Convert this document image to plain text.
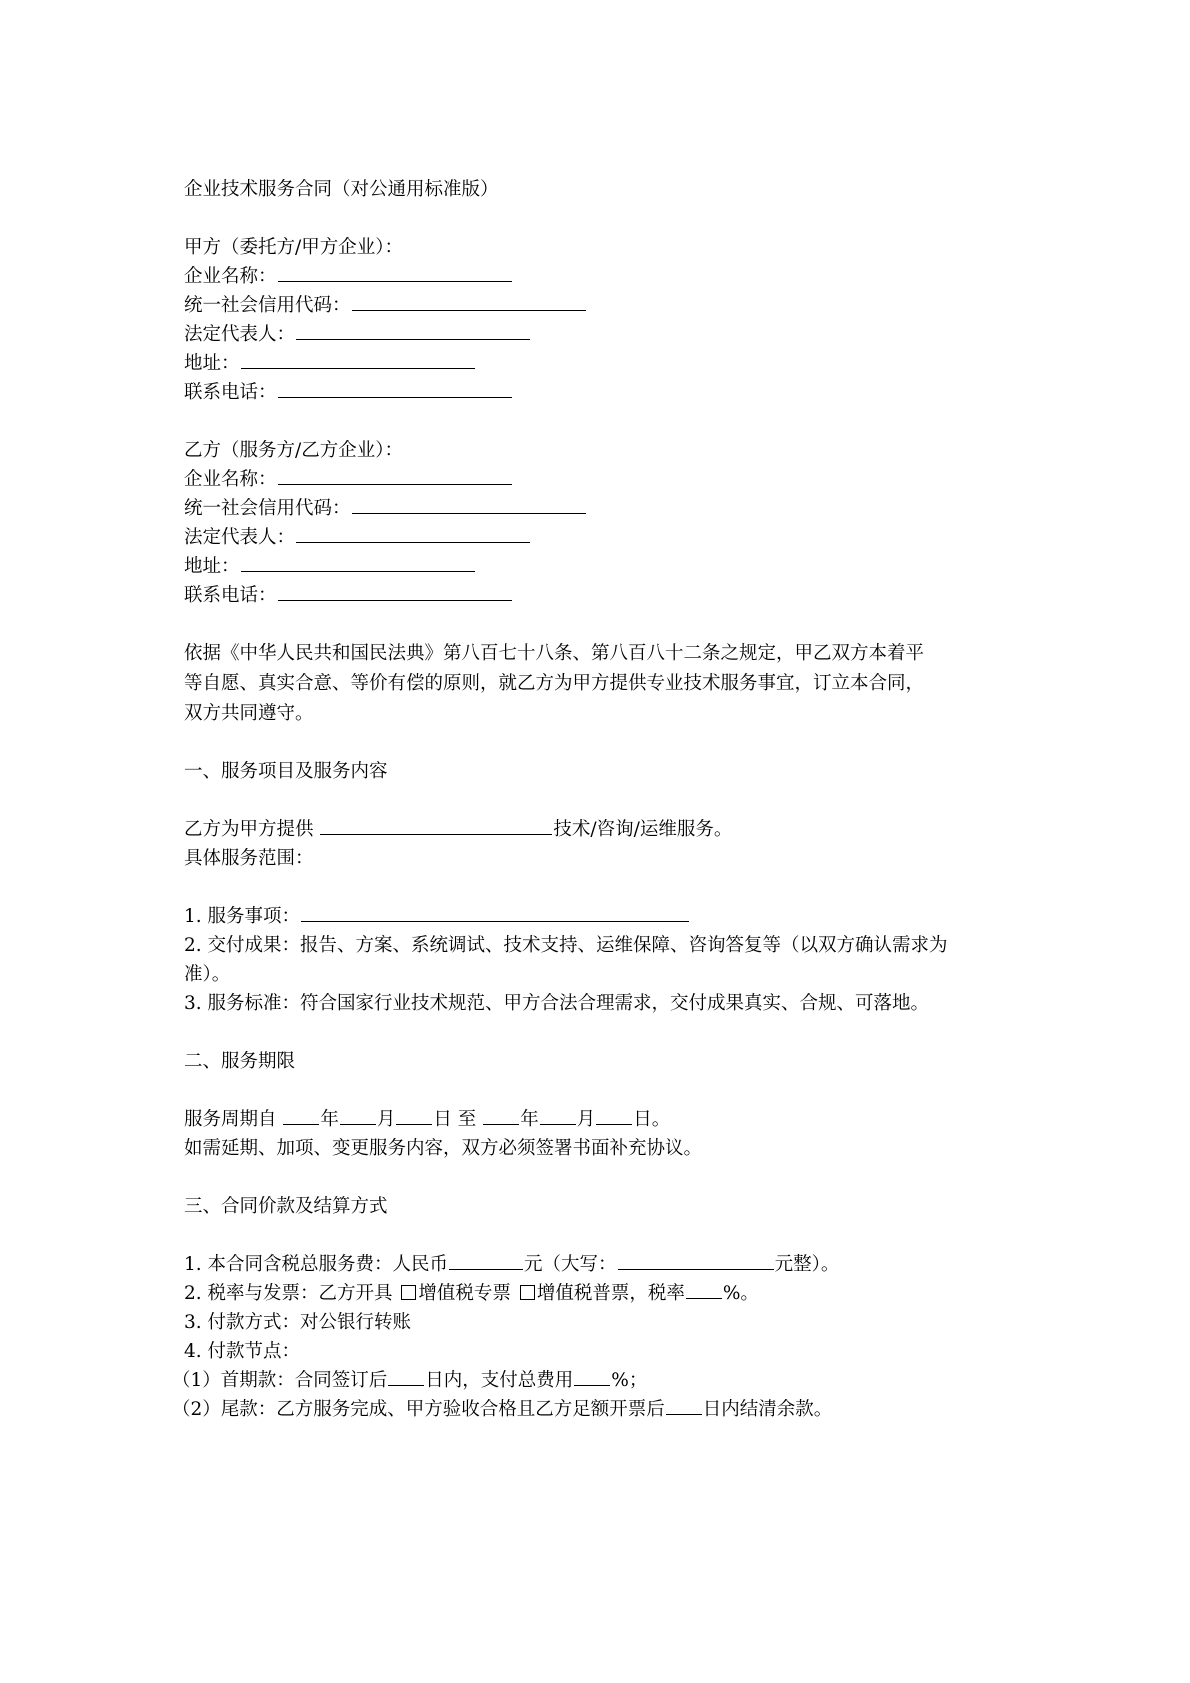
企业技术服务合同（对公通用标准版）
甲方（委托方/甲方企业）：
企业名称：
统一社会信用代码：
法定代表人：
地址：
联系电话：
乙方（服务方/乙方企业）：
企业名称：
统一社会信用代码：
法定代表人：
地址：
联系电话：
依据《中华人民共和国民法典》第八百七十八条、第八百八十二条之规定，甲乙双方本着平
等自愿、真实合意、等价有偿的原则，就乙方为甲方提供专业技术服务事宜，订立本合同，
双方共同遵守。
一、服务项目及服务内容
乙方为甲方提供	技术/咨询/运维服务。
具体服务范围：
1. 服务事项：
2. 交付成果：报告、方案、系统调试、技术支持、运维保障、咨询答复等（以双方确认需求为
准）。
3. 服务标准：符合国家行业技术规范、甲方合法合理需求，交付成果真实、合规、可落地。
二、服务期限
服务周期自 年 月 日 至 年 月 日。
如需延期、加项、变更服务内容，双方必须签署书面补充协议。
三、合同价款及结算方式
1. 本合同含税总服务费：人民币	元（大写：	元整）。
2. 税率与发票：乙方开具 增值税专票 增值税普票，税率 %。
3. 付款方式：对公银行转账
4. 付款节点：
（1）首期款：合同签订后 日内，支付总费用 %；
（2）尾款：乙方服务完成、甲方验收合格且乙方足额开票后 日内结清余款。
